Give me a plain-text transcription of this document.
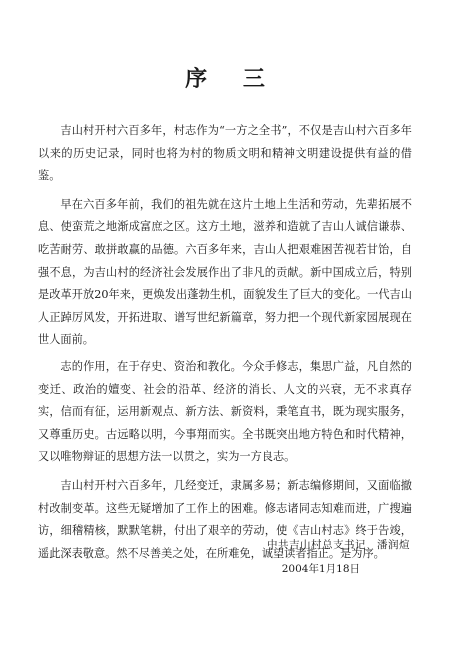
序 三

吉山村开村六百多年，村志作为“一方之全书”，不仅是吉山村六百多年以来的历史记录，同时也将为村的物质文明和精神文明建设提供有益的借鉴。

早在六百多年前，我们的祖先就在这片土地上生活和劳动，先辈拓展不息、使蛮荒之地渐成富庶之区。这方土地，滋养和造就了吉山人诚信谦恭、吃苦耐劳、敢拼敢赢的品德。六百多年来，吉山人把艰难困苦视若甘饴，自强不息，为吉山村的经济社会发展作出了非凡的贡献。新中国成立后，特别是改革开放20年来，更焕发出蓬勃生机，面貌发生了巨大的变化。一代吉山人正踔厉风发，开拓进取、谱写世纪新篇章，努力把一个现代新家园展现在世人面前。

志的作用，在于存史、资治和教化。今众手修志，集思广益，凡自然的变迁、政治的嬗变、社会的沿革、经济的消长、人文的兴衰，无不求真存实，信而有征，运用新观点、新方法、新资料，秉笔直书，既为现实服务，又尊重历史。古远略以明，今事翔而实。全书既突出地方特色和时代精神，又以唯物辩证的思想方法一以贯之，实为一方良志。

吉山村开村六百多年，几经变迁，隶属多易；新志编修期间，又面临撤村改制变革。这些无疑增加了工作上的困难。修志诸同志知难而进，广搜遍访，细稽精核，默默笔耕，付出了艰辛的劳动，使《吉山村志》终于告竣，遥此深表敬意。然不尽善美之处，在所难免，诚望读者指正。是为序。

中共吉山村总支书记　潘润煊
2004年1月18日
